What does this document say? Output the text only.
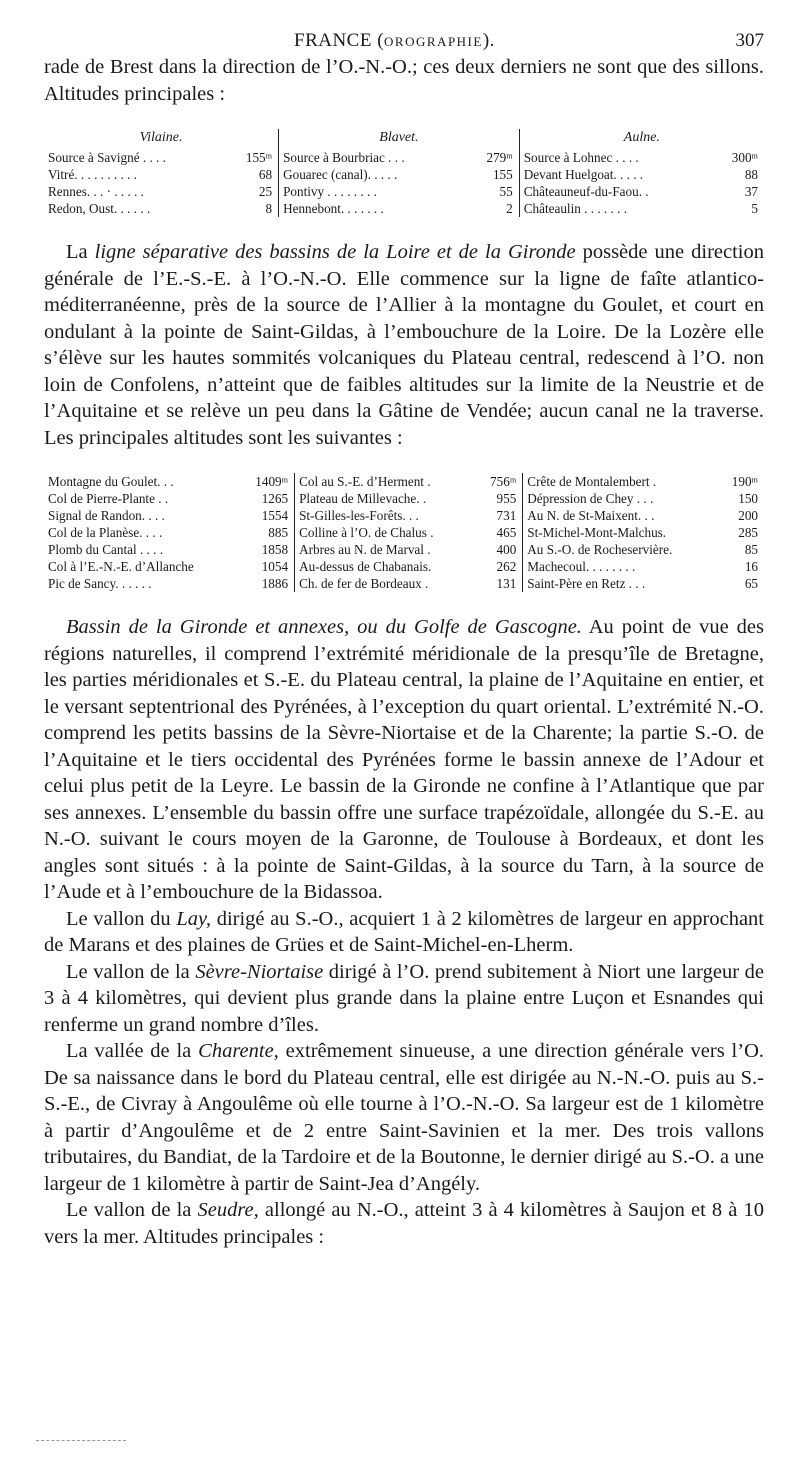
FRANCE (OROGRAPHIE).	307

rade de Brest dans la direction de l’O.-N.-O.; ces deux derniers ne sont que des sillons. Altitudes principales :

Vilaine.		Blavet.		Aulne.	
Source à Savigné . . . .	155ᵐ	Source à Bourbriac . . .	279ᵐ	Source à Lohnec . . . .	300ᵐ
Vitré. . . . . . . . . .	68	Gouarec (canal). . . . .	155	Devant Huelgoat. . . . .	88
Rennes. . . · . . . . .	25	Pontivy . . . . . . . .	55	Châteauneuf-du-Faou. .	37
Redon, Oust. . . . . .	8	Hennebont. . . . . . .	2	Châteaulin . . . . . . .	5

La ligne séparative des bassins de la Loire et de la Gironde possède une direction générale de l’E.-S.-E. à l’O.-N.-O. Elle commence sur la ligne de faîte atlantico-méditerranéenne, près de la source de l’Allier à la montagne du Goulet, et court en ondulant à la pointe de Saint-Gildas, à l’embouchure de la Loire. De la Lozère elle s’élève sur les hautes sommités volcaniques du Plateau central, redescend à l’O. non loin de Confolens, n’atteint que de faibles altitudes sur la limite de la Neustrie et de l’Aquitaine et se relève un peu dans la Gâtine de Vendée; aucun canal ne la traverse. Les principales altitudes sont les suivantes :

Montagne du Goulet. . .	1409ᵐ	Col au S.-E. d’Herment .	756ᵐ	Crête de Montalembert .	190ᵐ
Col de Pierre-Plante . .	1265	Plateau de Millevache. .	955	Dépression de Chey . . .	150
Signal de Randon. . . .	1554	St-Gilles-les-Forêts. . .	731	Au N. de St-Maixent. . .	200
Col de la Planèse. . . .	885	Colline à l’O. de Chalus .	465	St-Michel-Mont-Malchus.	285
Plomb du Cantal . . . .	1858	Arbres au N. de Marval .	400	Au S.-O. de Rocheservière.	85
Col à l’E.-N.-E. d’Allanche	1054	Au-dessus de Chabanais.	262	Machecoul. . . . . . . .	16
Pic de Sancy. . . . . .	1886	Ch. de fer de Bordeaux .	131	Saint-Père en Retz . . .	65

Bassin de la Gironde et annexes, ou du Golfe de Gascogne. Au point de vue des régions naturelles, il comprend l’extrémité méridionale de la presqu’île de Bretagne, les parties méridionales et S.-E. du Plateau central, la plaine de l’Aquitaine en entier, et le versant septentrional des Pyrénées, à l’exception du quart oriental. L’extrémité N.-O. comprend les petits bassins de la Sèvre-Niortaise et de la Charente; la partie S.-O. de l’Aquitaine et le tiers occidental des Pyrénées forme le bassin annexe de l’Adour et celui plus petit de la Leyre. Le bassin de la Gironde ne confine à l’Atlantique que par ses annexes. L’ensemble du bassin offre une surface trapézoïdale, allongée du S.-E. au N.-O. suivant le cours moyen de la Garonne, de Toulouse à Bordeaux, et dont les angles sont situés : à la pointe de Saint-Gildas, à la source du Tarn, à la source de l’Aude et à l’embouchure de la Bidassoa.

Le vallon du Lay, dirigé au S.-O., acquiert 1 à 2 kilomètres de largeur en approchant de Marans et des plaines de Grües et de Saint-Michel-en-Lherm.

Le vallon de la Sèvre-Niortaise dirigé à l’O. prend subitement à Niort une largeur de 3 à 4 kilomètres, qui devient plus grande dans la plaine entre Luçon et Esnandes qui renferme un grand nombre d’îles.

La vallée de la Charente, extrêmement sinueuse, a une direction générale vers l’O. De sa naissance dans le bord du Plateau central, elle est dirigée au N.-N.-O. puis au S.-S.-E., de Civray à Angoulême où elle tourne à l’O.-N.-O. Sa largeur est de 1 kilomètre à partir d’Angoulême et de 2 entre Saint-Savinien et la mer. Des trois vallons tributaires, du Bandiat, de la Tardoire et de la Boutonne, le dernier dirigé au S.-O. a une largeur de 1 kilomètre à partir de Saint-Jea d’Angély.

Le vallon de la Seudre, allongé au N.-O., atteint 3 à 4 kilomètres à Saujon et 8 à 10 vers la mer. Altitudes principales :
